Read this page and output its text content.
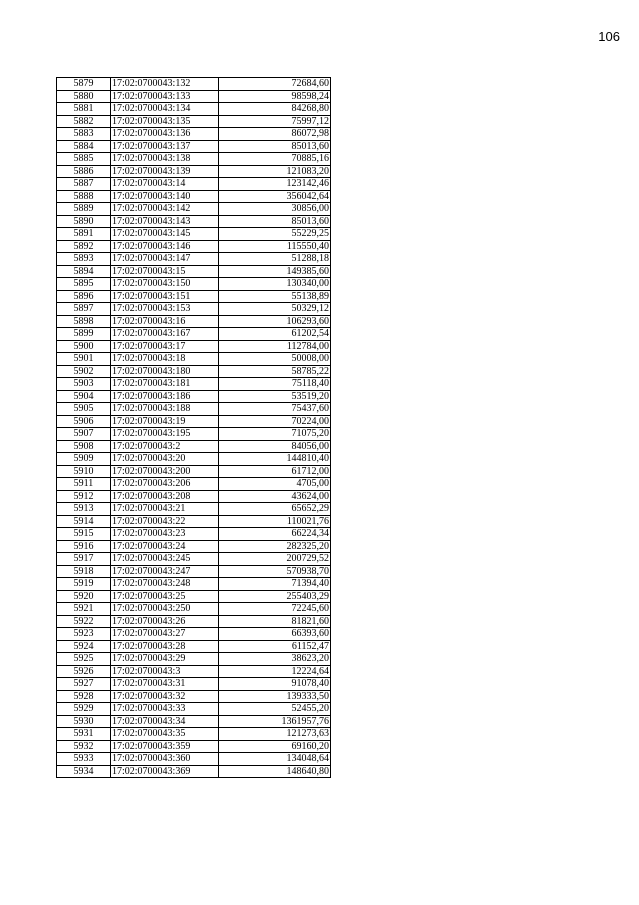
106
5879	17:02:0700043:132	72684,60
5880	17:02:0700043:133	98598,24
5881	17:02:0700043:134	84268,80
5882	17:02:0700043:135	75997,12
5883	17:02:0700043:136	86072,98
5884	17:02:0700043:137	85013,60
5885	17:02:0700043:138	70885,16
5886	17:02:0700043:139	121083,20
5887	17:02:0700043:14	123142,46
5888	17:02:0700043:140	356042,64
5889	17:02:0700043:142	30856,00
5890	17:02:0700043:143	85013,60
5891	17:02:0700043:145	55229,25
5892	17:02:0700043:146	115550,40
5893	17:02:0700043:147	51288,18
5894	17:02:0700043:15	149385,60
5895	17:02:0700043:150	130340,00
5896	17:02:0700043:151	55138,89
5897	17:02:0700043:153	50329,12
5898	17:02:0700043:16	106293,60
5899	17:02:0700043:167	61202,54
5900	17:02:0700043:17	112784,00
5901	17:02:0700043:18	50008,00
5902	17:02:0700043:180	58785,22
5903	17:02:0700043:181	75118,40
5904	17:02:0700043:186	53519,20
5905	17:02:0700043:188	75437,60
5906	17:02:0700043:19	70224,00
5907	17:02:0700043:195	71075,20
5908	17:02:0700043:2	84056,00
5909	17:02:0700043:20	144810,40
5910	17:02:0700043:200	61712,00
5911	17:02:0700043:206	4705,00
5912	17:02:0700043:208	43624,00
5913	17:02:0700043:21	65652,29
5914	17:02:0700043:22	110021,76
5915	17:02:0700043:23	66224,34
5916	17:02:0700043:24	282325,20
5917	17:02:0700043:245	200729,52
5918	17:02:0700043:247	570938,70
5919	17:02:0700043:248	71394,40
5920	17:02:0700043:25	255403,29
5921	17:02:0700043:250	72245,60
5922	17:02:0700043:26	81821,60
5923	17:02:0700043:27	66393,60
5924	17:02:0700043:28	61152,47
5925	17:02:0700043:29	38623,20
5926	17:02:0700043:3	12224,64
5927	17:02:0700043:31	91078,40
5928	17:02:0700043:32	139333,50
5929	17:02:0700043:33	52455,20
5930	17:02:0700043:34	1361957,76
5931	17:02:0700043:35	121273,63
5932	17:02:0700043:359	69160,20
5933	17:02:0700043:360	134048,64
5934	17:02:0700043:369	148640,80
